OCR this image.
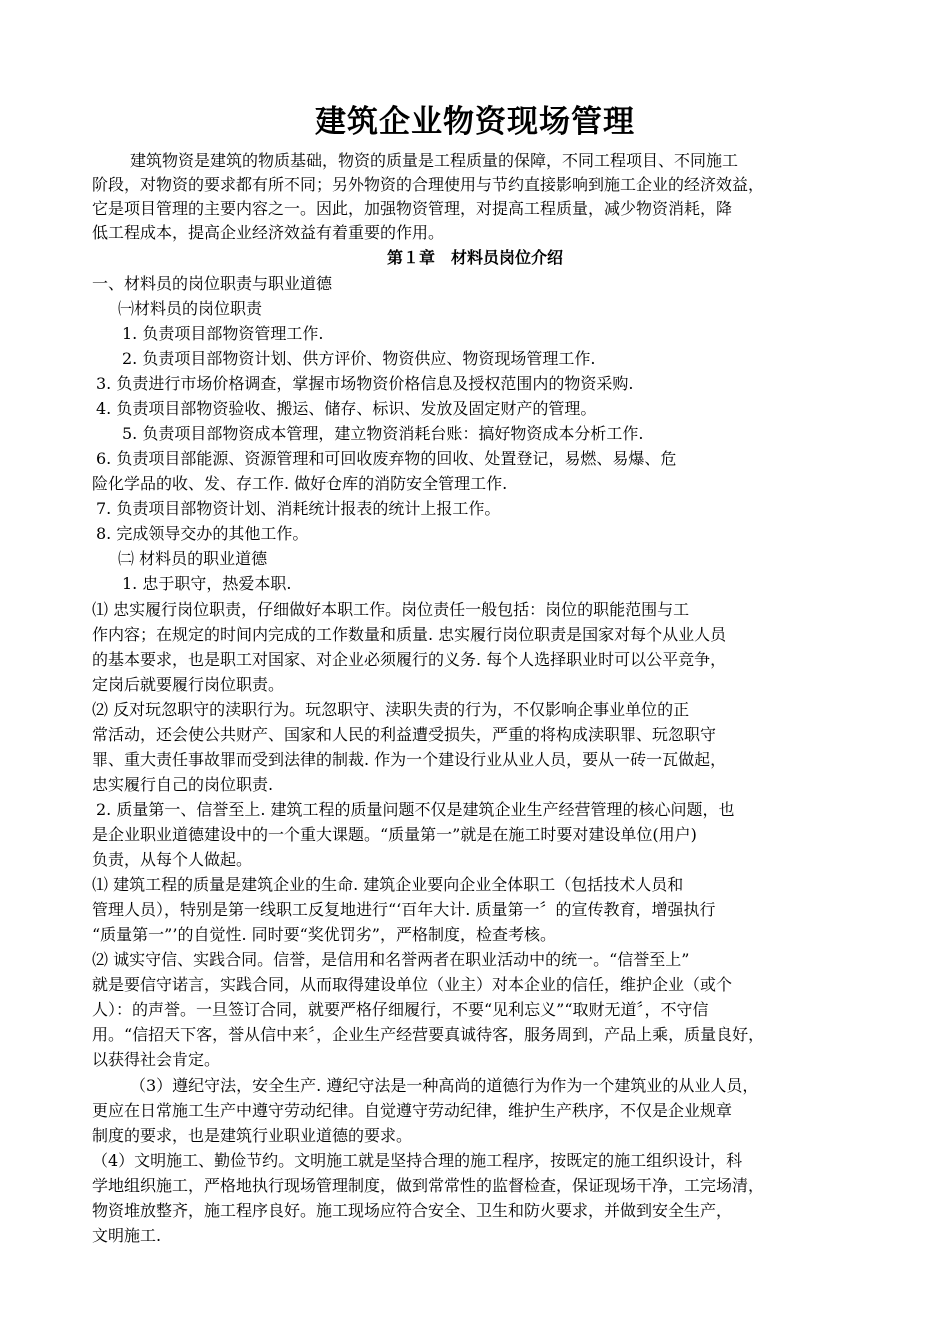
建筑企业物资现场管理
建筑物资是建筑的物质基础，物资的质量是工程质量的保障，不同工程项目、不同施工
阶段，对物资的要求都有所不同；另外物资的合理使用与节约直接影响到施工企业的经济效益，
它是项目管理的主要内容之一。因此，加强物资管理，对提高工程质量，减少物资消耗，降
低工程成本，提高企业经济效益有着重要的作用。
第１章　材料员岗位介绍
一、材料员的岗位职责与职业道德
㈠材料员的岗位职责
1. 负责项目部物资管理工作.
2. 负责项目部物资计划、供方评价、物资供应、物资现场管理工作.
3. 负责进行市场价格调查，掌握市场物资价格信息及授权范围内的物资采购.
4. 负责项目部物资验收、搬运、储存、标识、发放及固定财产的管理。
5. 负责项目部物资成本管理，建立物资消耗台账：搞好物资成本分析工作.
6. 负责项目部能源、资源管理和可回收废弃物的回收、处置登记，易燃、易爆、危
险化学品的收、发、存工作. 做好仓库的消防安全管理工作.
7. 负责项目部物资计划、消耗统计报表的统计上报工作。
8. 完成领导交办的其他工作。
㈡ 材料员的职业道德
1. 忠于职守，热爱本职.
⑴ 忠实履行岗位职责，仔细做好本职工作。岗位责任一般包括：岗位的职能范围与工
作内容；在规定的时间内完成的工作数量和质量. 忠实履行岗位职责是国家对每个从业人员
的基本要求，也是职工对国家、对企业必须履行的义务. 每个人选择职业时可以公平竞争，
定岗后就要履行岗位职责。
⑵ 反对玩忽职守的渎职行为。玩忽职守、渎职失责的行为，不仅影响企事业单位的正
常活动，还会使公共财产、国家和人民的利益遭受损失，严重的将构成渎职罪、玩忽职守
罪、重大责任事故罪而受到法律的制裁. 作为一个建设行业从业人员，要从一砖一瓦做起，
忠实履行自己的岗位职责.
2. 质量第一、信誉至上. 建筑工程的质量问题不仅是建筑企业生产经营管理的核心问题，也
是企业职业道德建设中的一个重大课题。“质量第一”就是在施工时要对建设单位(用户)
负责，从每个人做起。
⑴ 建筑工程的质量是建筑企业的生命. 建筑企业要向企业全体职工（包括技术人员和
管理人员），特别是第一线职工反复地进行“‘百年大计. 质量第一〞的宣传教育，增强执行
“质量第一”’的自觉性. 同时要“奖优罚劣”，严格制度，检查考核。
⑵ 诚实守信、实践合同。信誉，是信用和名誉两者在职业活动中的统一。“信誉至上”
就是要信守诺言，实践合同，从而取得建设单位（业主）对本企业的信任，维护企业（或个
人）：的声誉。一旦签订合同，就要严格仔细履行，不要“见利忘义”“取财无道〞，不守信
用。“信招天下客，誉从信中来〞，企业生产经营要真诚待客，服务周到，产品上乘，质量良好，
以获得社会肯定。
（3）遵纪守法，安全生产. 遵纪守法是一种高尚的道德行为作为一个建筑业的从业人员，
更应在日常施工生产中遵守劳动纪律。自觉遵守劳动纪律，维护生产秩序，不仅是企业规章
制度的要求，也是建筑行业职业道德的要求。
（4）文明施工、勤俭节约。文明施工就是坚持合理的施工程序，按既定的施工组织设计，科
学地组织施工，严格地执行现场管理制度，做到常常性的监督检查，保证现场干净，工完场清，
物资堆放整齐，施工程序良好。施工现场应符合安全、卫生和防火要求，并做到安全生产，
文明施工.
